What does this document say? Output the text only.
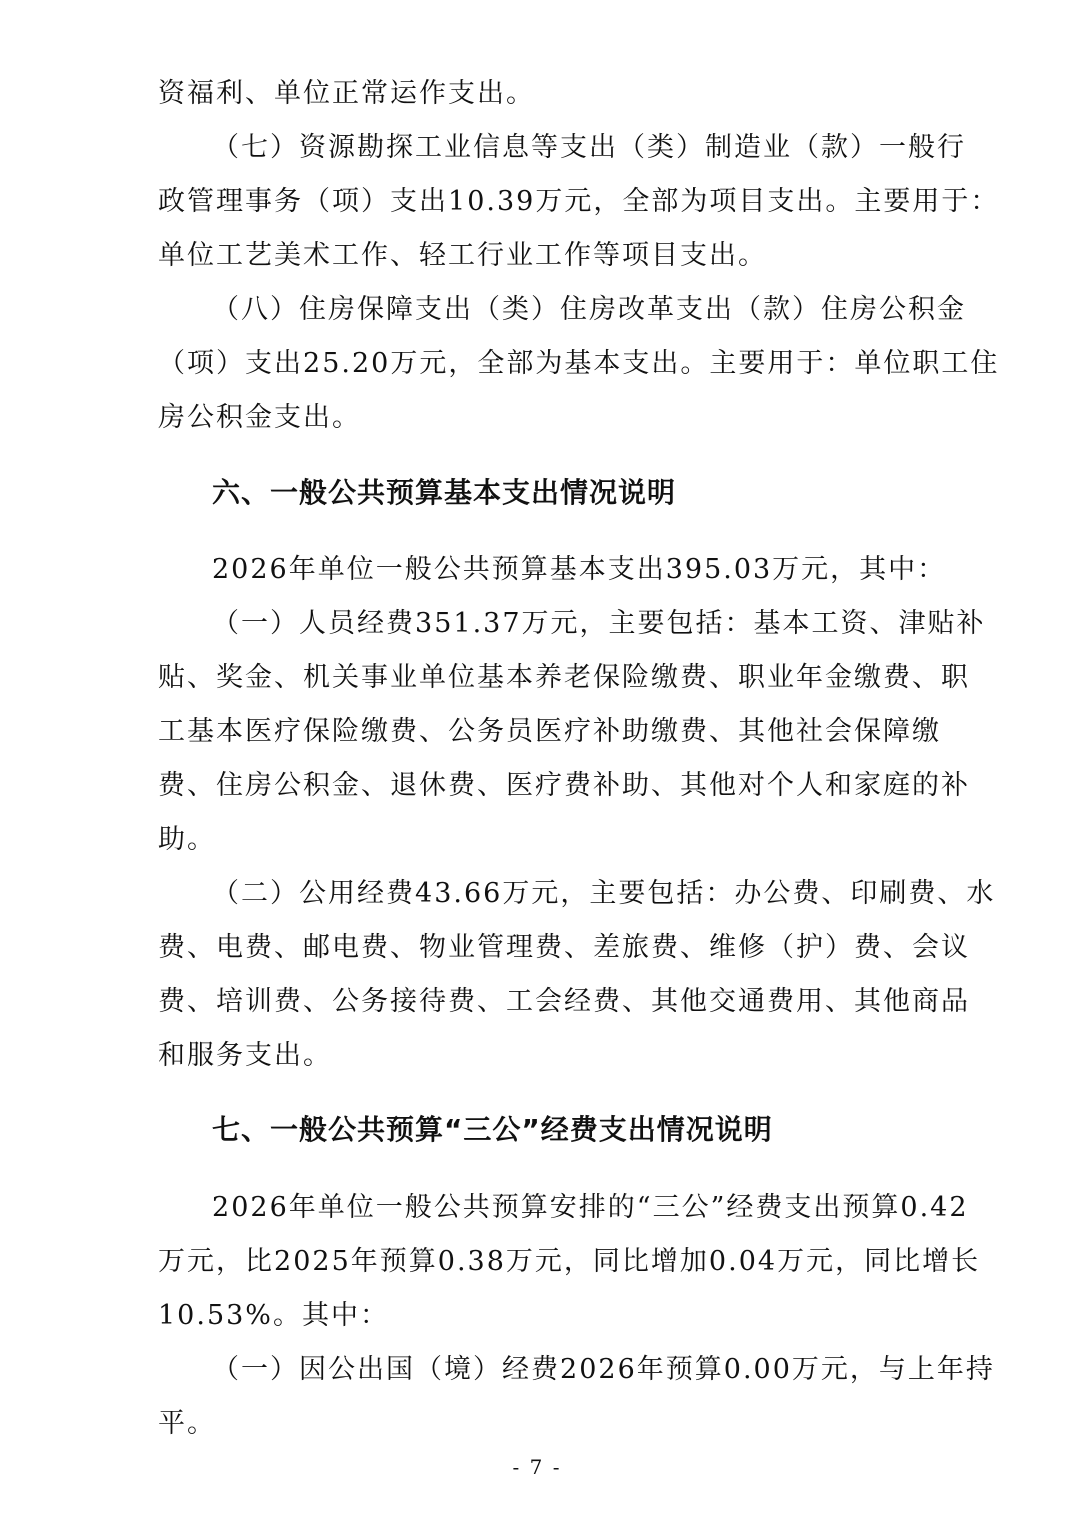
资福利、单位正常运作支出。
（ 七 ） 资 源 勘 探 工 业 信 息 等 支 出 （ 类 ） 制 造 业 （ 款 ） 一 般 行
政 管 理 事 务 （ 项 ） 支 出 1 0 . 3 9 万 元 ， 全 部 为 项 目 支 出 。 主 要 用 于 ：
单位工艺美术工作、轻工行业工作等项目支出。
（ 八 ） 住 房 保 障 支 出 （ 类 ） 住 房 改 革 支 出 （ 款 ） 住 房 公 积 金
（ 项 ） 支 出 2 5 . 2 0 万 元 ， 全 部 为 基 本 支 出 。 主 要 用 于 ： 单 位 职 工 住
房公积金支出。
六、一般公共预算基本支出情况说明
2026年单位一般公共预算基本支出395.03万元，其中：
（ 一 ） 人 员 经 费 3 5 1 . 3 7 万 元 ， 主 要 包 括 ： 基 本 工 资 、 津 贴 补
贴 、 奖 金 、 机 关 事 业 单 位 基 本 养 老 保 险 缴 费 、 职 业 年 金 缴 费 、 职
工 基 本 医 疗 保 险 缴 费 、 公 务 员 医 疗 补 助 缴 费 、 其 他 社 会 保 障 缴
费 、 住 房 公 积 金 、 退 休 费 、 医 疗 费 补 助 、 其 他 对 个 人 和 家 庭 的 补
助。
（ 二 ） 公 用 经 费 4 3 . 6 6 万 元 ， 主 要 包 括 ： 办 公 费 、 印 刷 费 、 水
费 、 电 费 、 邮 电 费 、 物 业 管 理 费 、 差 旅 费 、 维 修 （ 护 ） 费 、 会 议
费 、 培 训 费 、 公 务 接 待 费 、 工 会 经 费 、 其 他 交 通 费 用 、 其 他 商 品
和服务支出。
七、一般公共预算“三公”经费支出情况说明
2 0 2 6 年 单 位 一 般 公 共 预 算 安 排 的 “ 三 公 ” 经 费 支 出 预 算 0 . 4 2
万 元 ， 比 2 0 2 5 年 预 算 0 . 3 8 万 元 ， 同 比 增 加 0 . 0 4 万 元 ， 同 比 增 长
10.53%。其中：
（ 一 ） 因 公 出 国 （ 境 ） 经 费 2 0 2 6 年 预 算 0 . 0 0 万 元 ， 与 上 年 持
平。
- 7 -
